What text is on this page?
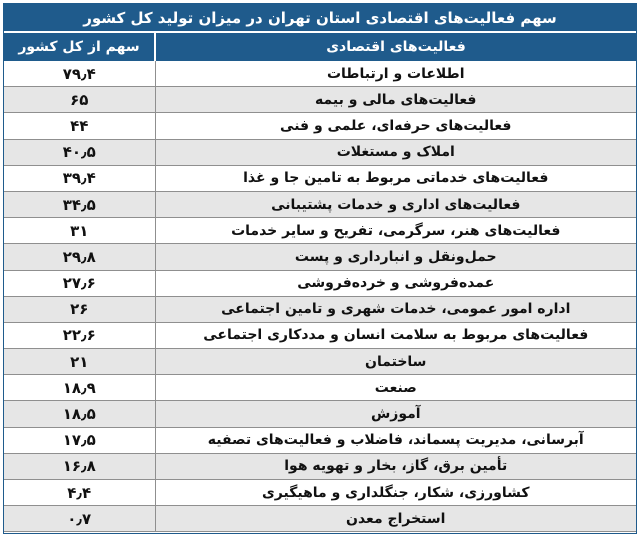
سهم فعالیت‌های اقتصادی استان تهران در میزان تولید کل کشور
فعالیت‌های اقتصادی	سهم از کل کشور
اطلاعات و ارتباطات	۷۹٫۴
فعالیت‌های مالی و بیمه	۶۵
فعالیت‌های حرفه‌ای، علمی و فنی	۴۴
املاک و مستغلات	۴۰٫۵
فعالیت‌های خدماتی مربوط به تامین جا و غذا	۳۹٫۴
فعالیت‌های اداری و خدمات پشتیبانی	۳۴٫۵
فعالیت‌های هنر، سرگرمی، تفریح و سایر خدمات	۳۱
حمل‌ونقل و انبارداری و پست	۲۹٫۸
عمده‌فروشی و خرده‌فروشی	۲۷٫۶
اداره امور عمومی، خدمات شهری و تامین اجتماعی	۲۶
فعالیت‌های مربوط به سلامت انسان و مددکاری اجتماعی	۲۲٫۶
ساختمان	۲۱
صنعت	۱۸٫۹
آموزش	۱۸٫۵
آبرسانی، مدیریت پسماند، فاضلاب و فعالیت‌های تصفیه	۱۷٫۵
تأمین برق، گاز، بخار و تهویه هوا	۱۶٫۸
کشاورزی، شکار، جنگلداری و ماهیگیری	۴٫۴
استخراج معدن	۰٫۷
